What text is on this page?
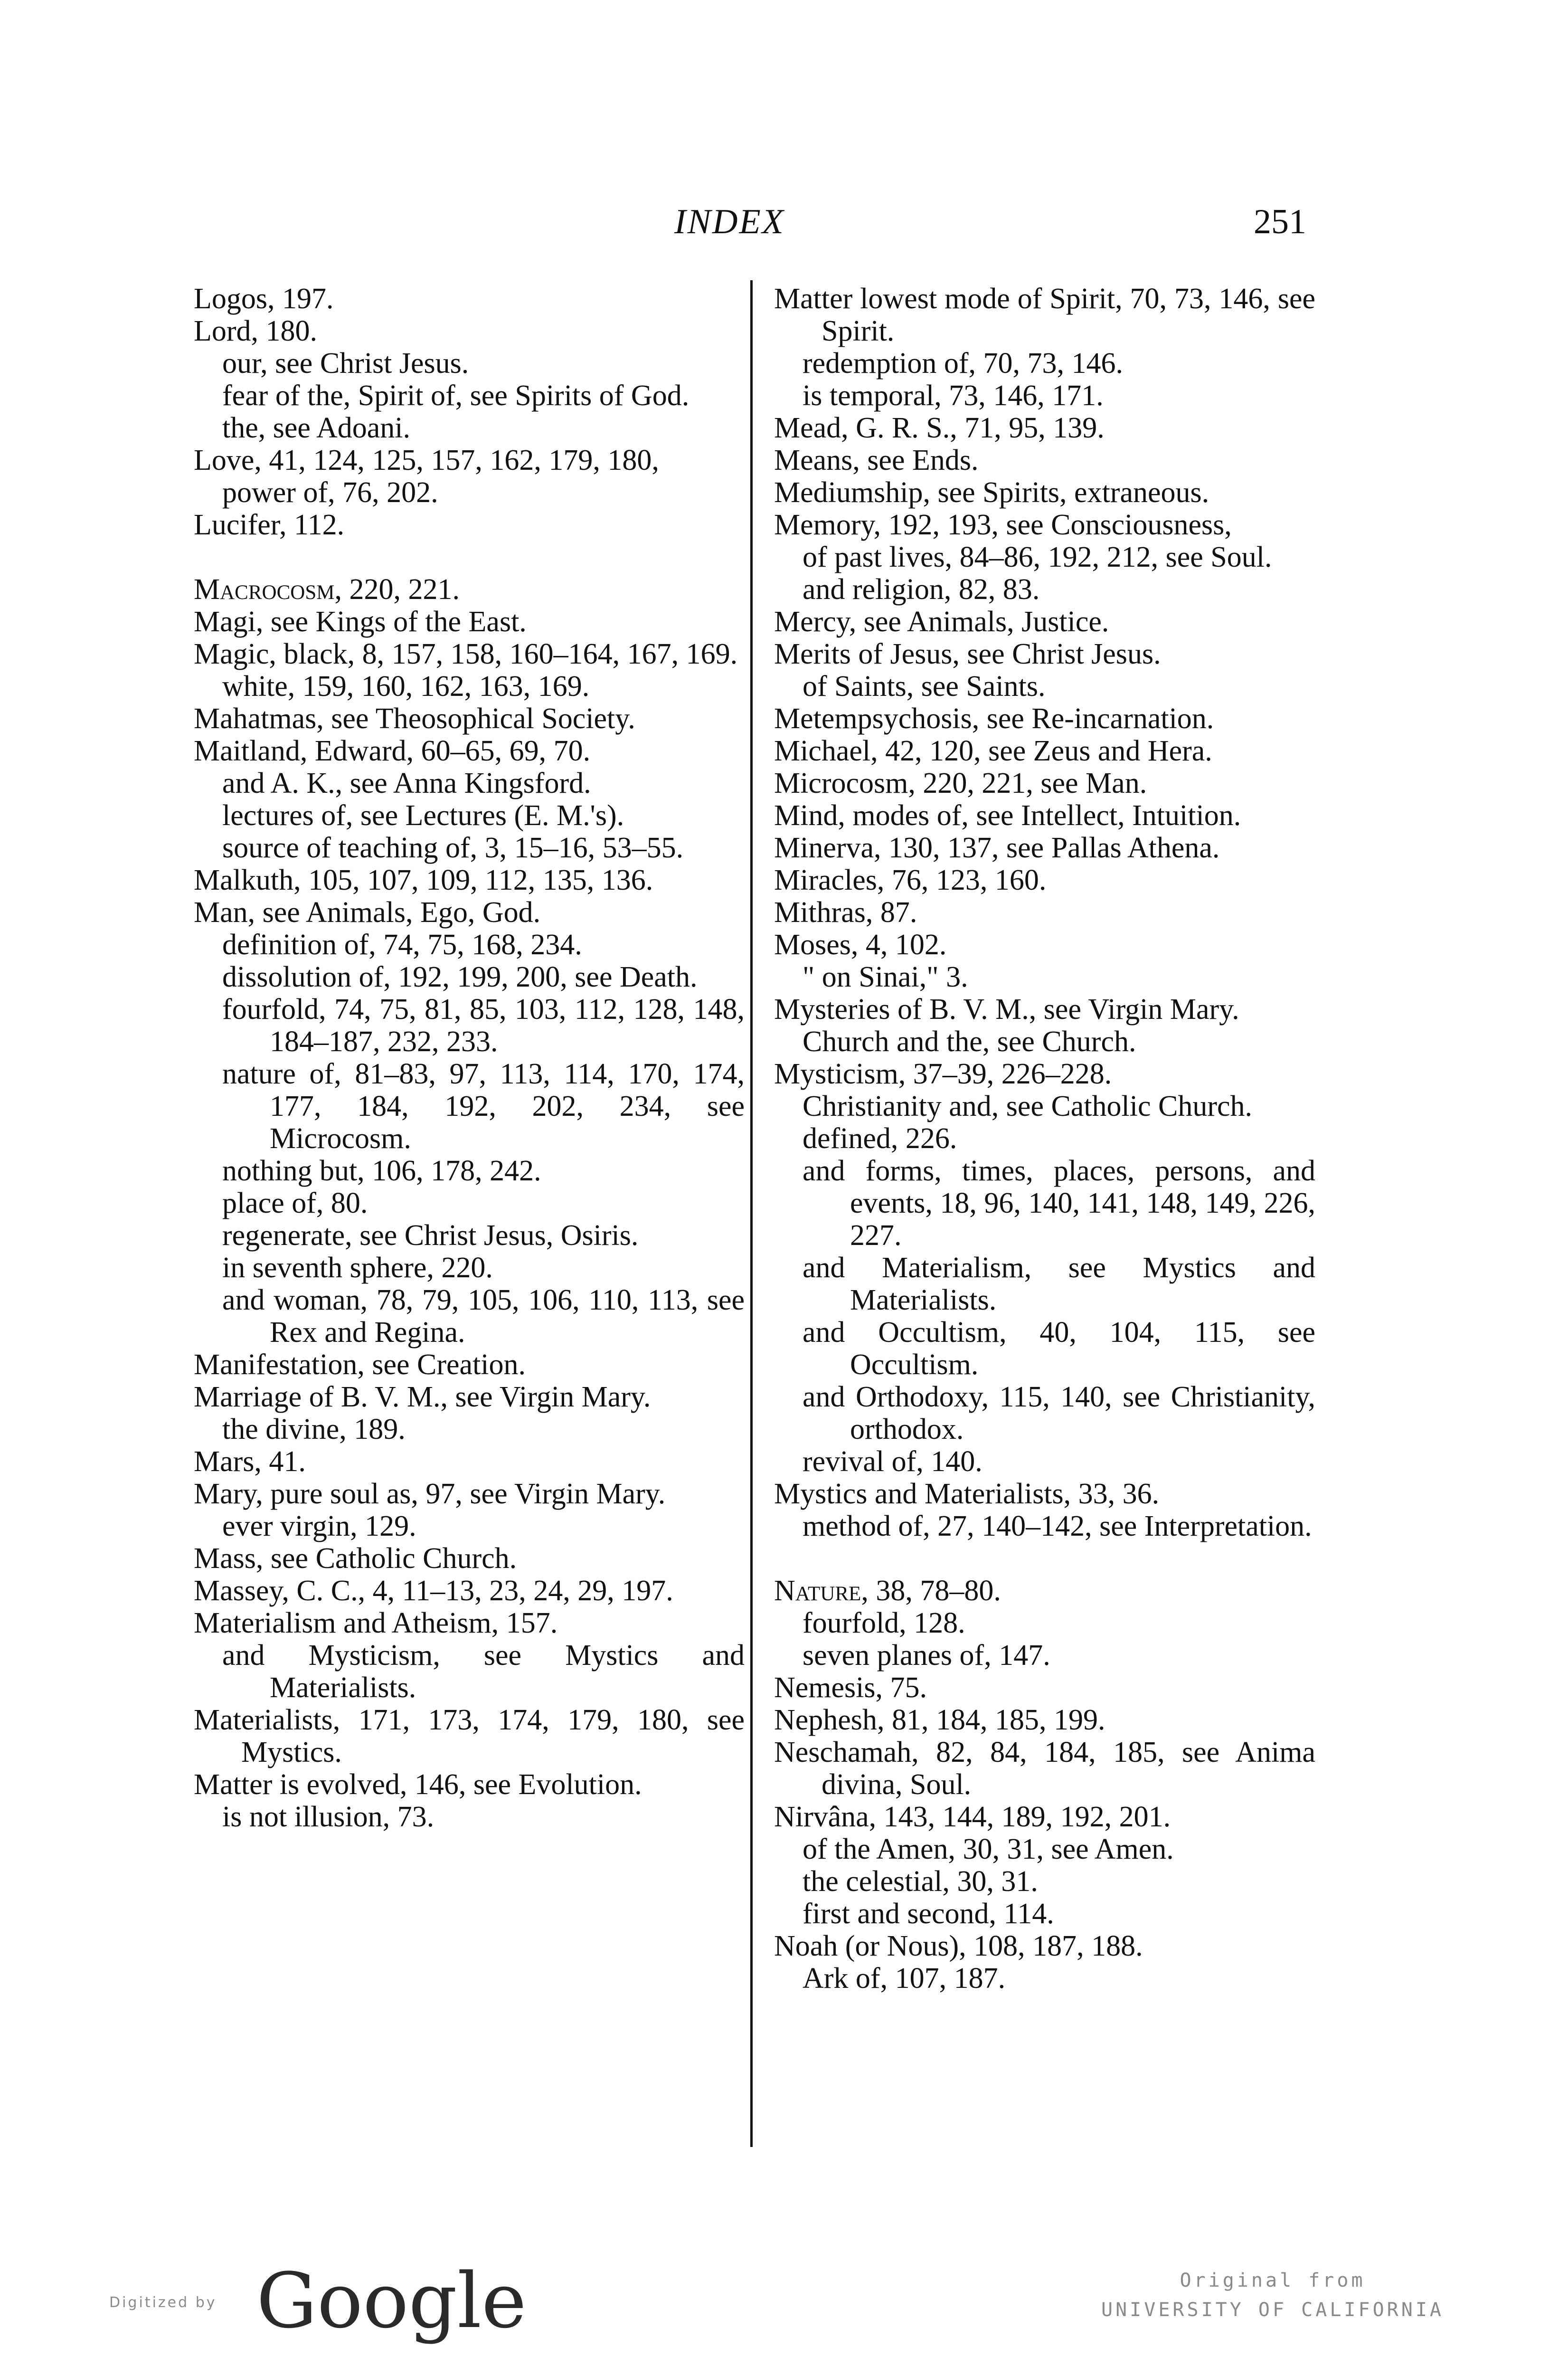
INDEX	251
Logos, 197.
Lord, 180.
our, see Christ Jesus.
fear of the, Spirit of, see Spirits of God.
the, see Adoani.
Love, 41, 124, 125, 157, 162, 179, 180,
power of, 76, 202.
Lucifer, 112.
Macrocosm, 220, 221.
Magi, see Kings of the East.
Magic, black, 8, 157, 158, 160–164, 167, 169.
white, 159, 160, 162, 163, 169.
Mahatmas, see Theosophical Society.
Maitland, Edward, 60–65, 69, 70.
and A. K., see Anna Kingsford.
lectures of, see Lectures (E. M.'s).
source of teaching of, 3, 15–16, 53–55.
Malkuth, 105, 107, 109, 112, 135, 136.
Man, see Animals, Ego, God.
definition of, 74, 75, 168, 234.
dissolution of, 192, 199, 200, see Death.
fourfold, 74, 75, 81, 85, 103, 112, 128, 148, 184–187, 232, 233.
nature of, 81–83, 97, 113, 114, 170, 174, 177, 184, 192, 202, 234, see Microcosm.
nothing but, 106, 178, 242.
place of, 80.
regenerate, see Christ Jesus, Osiris.
in seventh sphere, 220.
and woman, 78, 79, 105, 106, 110, 113, see Rex and Regina.
Manifestation, see Creation.
Marriage of B. V. M., see Virgin Mary.
the divine, 189.
Mars, 41.
Mary, pure soul as, 97, see Virgin Mary.
ever virgin, 129.
Mass, see Catholic Church.
Massey, C. C., 4, 11–13, 23, 24, 29, 197.
Materialism and Atheism, 157.
and Mysticism, see Mystics and Materialists.
Materialists, 171, 173, 174, 179, 180, see Mystics.
Matter is evolved, 146, see Evolution.
is not illusion, 73.
Matter lowest mode of Spirit, 70, 73, 146, see Spirit.
redemption of, 70, 73, 146.
is temporal, 73, 146, 171.
Mead, G. R. S., 71, 95, 139.
Means, see Ends.
Mediumship, see Spirits, extraneous.
Memory, 192, 193, see Consciousness,
of past lives, 84–86, 192, 212, see Soul.
and religion, 82, 83.
Mercy, see Animals, Justice.
Merits of Jesus, see Christ Jesus.
of Saints, see Saints.
Metempsychosis, see Re-incarnation.
Michael, 42, 120, see Zeus and Hera.
Microcosm, 220, 221, see Man.
Mind, modes of, see Intellect, Intuition.
Minerva, 130, 137, see Pallas Athena.
Miracles, 76, 123, 160.
Mithras, 87.
Moses, 4, 102.
" on Sinai," 3.
Mysteries of B. V. M., see Virgin Mary.
Church and the, see Church.
Mysticism, 37–39, 226–228.
Christianity and, see Catholic Church.
defined, 226.
and forms, times, places, persons, and events, 18, 96, 140, 141, 148, 149, 226, 227.
and Materialism, see Mystics and Materialists.
and Occultism, 40, 104, 115, see Occultism.
and Orthodoxy, 115, 140, see Christianity, orthodox.
revival of, 140.
Mystics and Materialists, 33, 36.
method of, 27, 140–142, see Interpretation.
Nature, 38, 78–80.
fourfold, 128.
seven planes of, 147.
Nemesis, 75.
Nephesh, 81, 184, 185, 199.
Neschamah, 82, 84, 184, 185, see Anima divina, Soul.
Nirvâna, 143, 144, 189, 192, 201.
of the Amen, 30, 31, see Amen.
the celestial, 30, 31.
first and second, 114.
Noah (or Nous), 108, 187, 188.
Ark of, 107, 187.
Digitized by Google	Original from
UNIVERSITY OF CALIFORNIA
